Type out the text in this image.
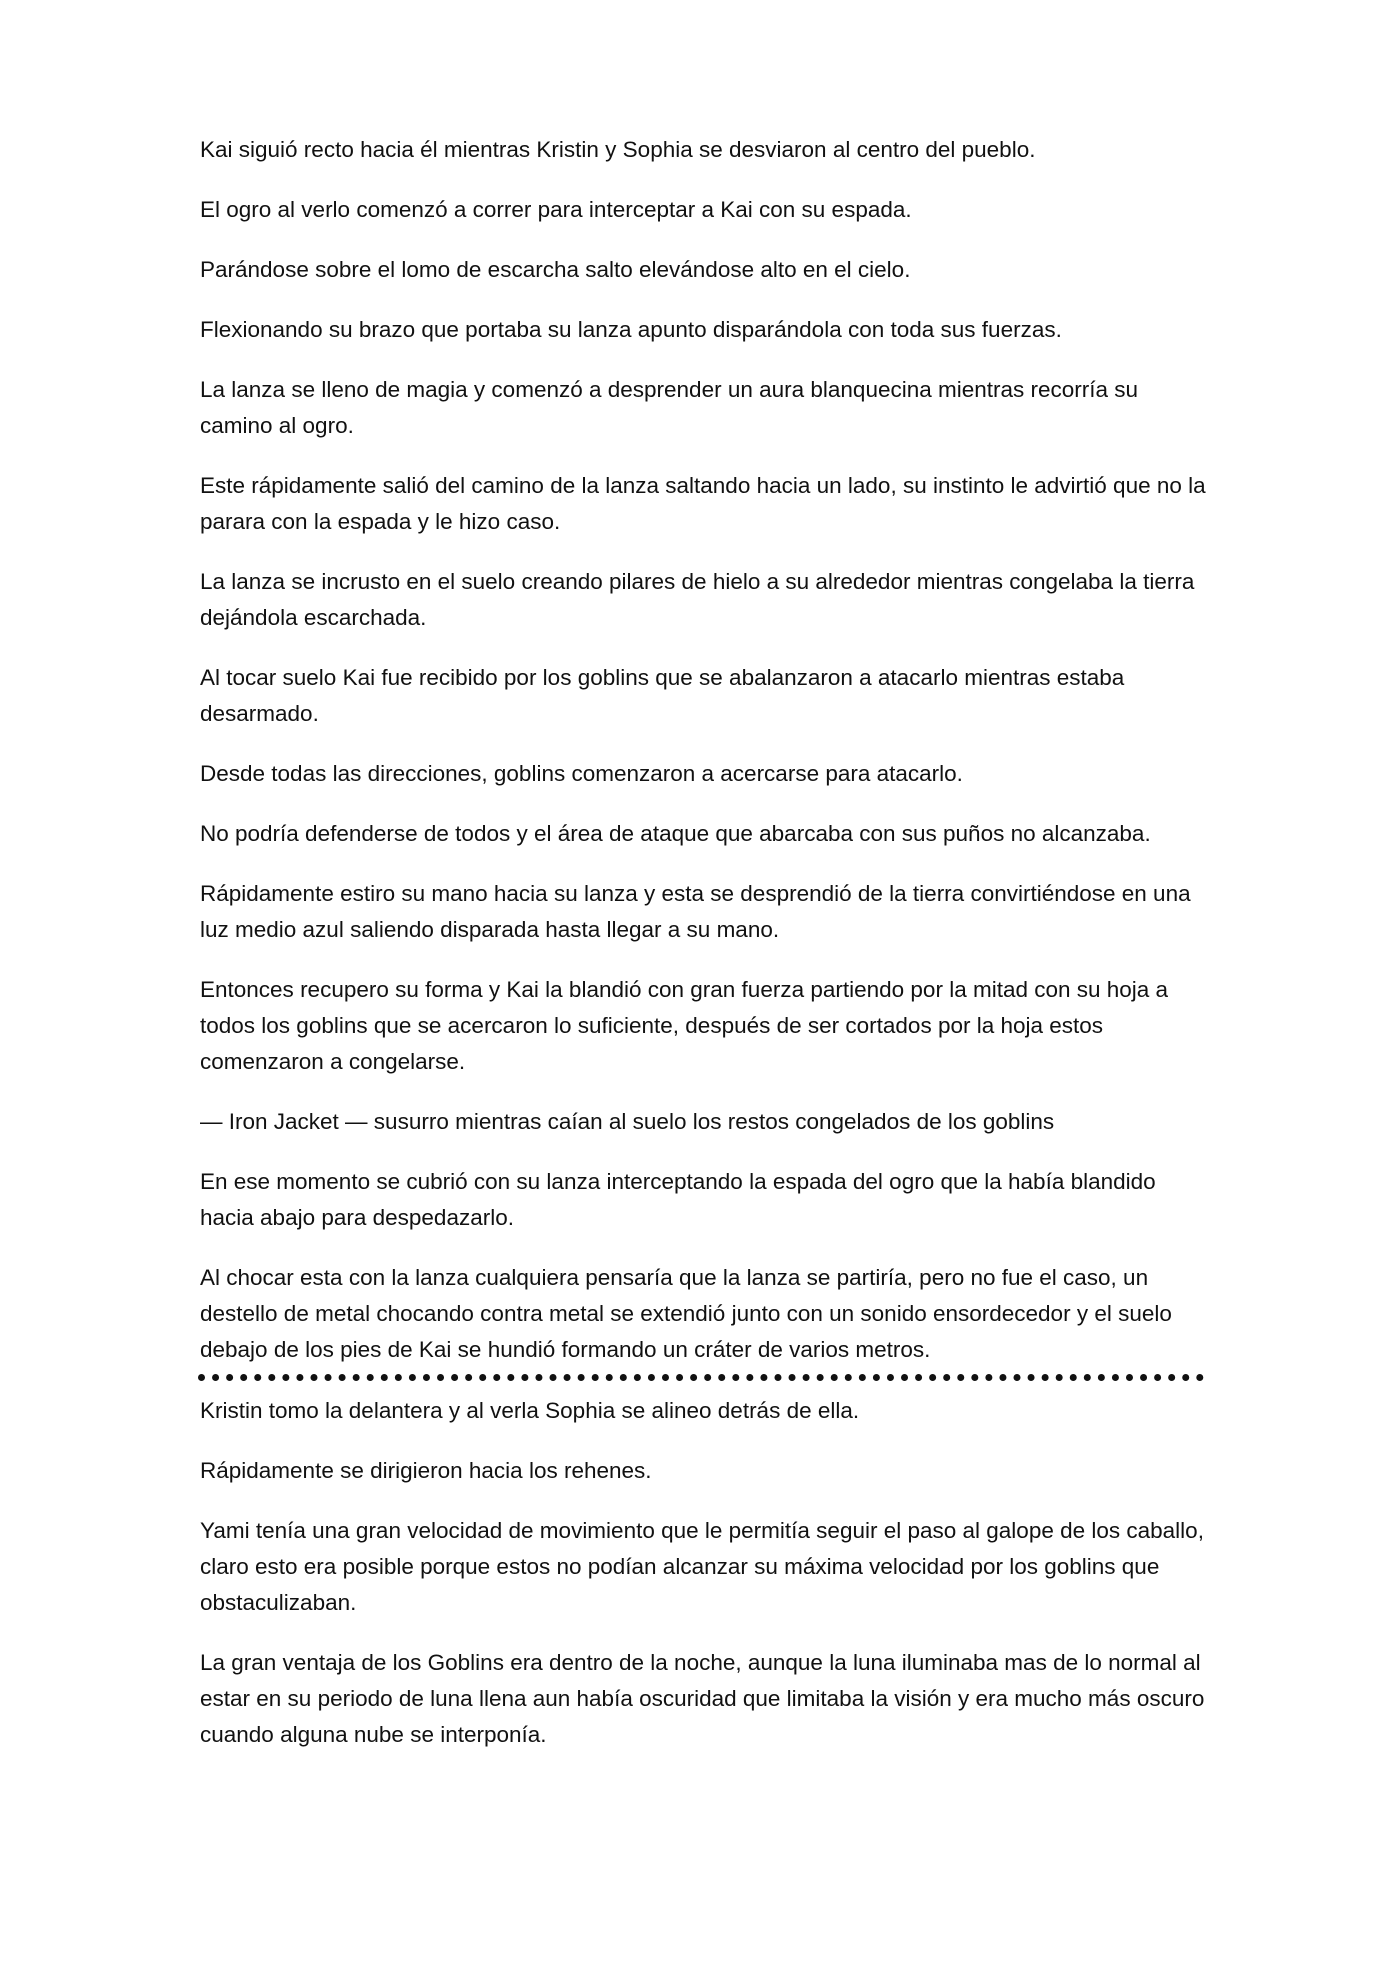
Kai siguió recto hacia él mientras Kristin y Sophia se desviaron al centro del pueblo.

El ogro al verlo comenzó a correr para interceptar a Kai con su espada.

Parándose sobre el lomo de escarcha salto elevándose alto en el cielo.

Flexionando su brazo que portaba su lanza apunto disparándola con toda sus fuerzas.

La lanza se lleno de magia y comenzó a desprender un aura blanquecina mientras recorría su camino al ogro.

Este rápidamente salió del camino de la lanza saltando hacia un lado, su instinto le advirtió que no la parara con la espada y le hizo caso.

La lanza se incrusto en el suelo creando pilares de hielo a su alrededor mientras congelaba la tierra dejándola escarchada.

Al tocar suelo Kai fue recibido por los goblins que se abalanzaron a atacarlo mientras estaba desarmado.

Desde todas las direcciones, goblins comenzaron a acercarse para atacarlo.

No podría defenderse de todos y el área de ataque que abarcaba con sus puños no alcanzaba.

Rápidamente estiro su mano hacia su lanza y esta se desprendió de la tierra convirtiéndose en una luz medio azul saliendo disparada hasta llegar a su mano.

Entonces recupero su forma y Kai la blandió con gran fuerza partiendo por la mitad con su hoja a todos los goblins que se acercaron lo suficiente, después de ser cortados por la hoja estos comenzaron a congelarse.

— Iron Jacket — susurro mientras caían al suelo los restos congelados de los goblins

En ese momento se cubrió con su lanza interceptando la espada del ogro que la había blandido hacia abajo para despedazarlo.

Al chocar esta con la lanza cualquiera pensaría que la lanza se partiría, pero no fue el caso, un destello de metal chocando contra metal se extendió junto con un sonido ensordecedor y el suelo debajo de los pies de Kai se hundió formando un cráter de varios metros.

Kristin tomo la delantera y al verla Sophia se alineo detrás de ella.

Rápidamente se dirigieron hacia los rehenes.

Yami tenía una gran velocidad de movimiento que le permitía seguir el paso al galope de los caballo, claro esto era posible porque estos no podían alcanzar su máxima velocidad por los goblins que obstaculizaban.

La gran ventaja de los Goblins era dentro de la noche, aunque la luna iluminaba mas de lo normal al estar en su periodo de luna llena aun había oscuridad que limitaba la visión y era mucho más oscuro cuando alguna nube se interponía.
